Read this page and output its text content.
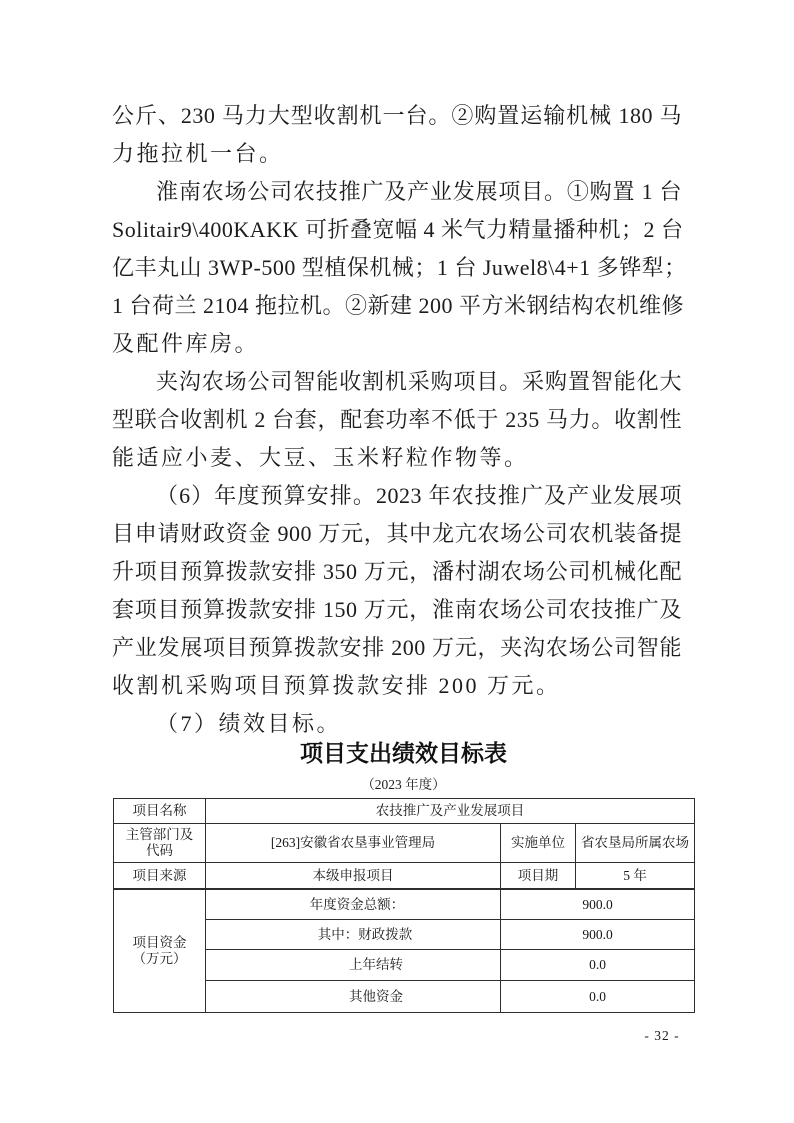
公斤、230 马力大型收割机一台。②购置运输机械 180 马
力拖拉机一台。
淮南农场公司农技推广及产业发展项目。①购置 1 台
Solitair9\400KAKK 可折叠宽幅 4 米气力精量播种机；2 台
亿丰丸山 3WP-500 型植保机械；1 台 Juwel8\4+1 多铧犁；
1 台荷兰 2104 拖拉机。②新建 200 平方米钢结构农机维修
及配件库房。
夹沟农场公司智能收割机采购项目。采购置智能化大
型联合收割机 2 台套，配套功率不低于 235 马力。收割性
能适应小麦、大豆、玉米籽粒作物等。
（6）年度预算安排。2023 年农技推广及产业发展项
目申请财政资金 900 万元，其中龙亢农场公司农机装备提
升项目预算拨款安排 350 万元，潘村湖农场公司机械化配
套项目预算拨款安排 150 万元，淮南农场公司农技推广及
产业发展项目预算拨款安排 200 万元，夹沟农场公司智能
收割机采购项目预算拨款安排 200 万元。
（7）绩效目标。
项目支出绩效目标表
（2023 年度）
项目名称	农技推广及产业发展项目		
主管部门及代码	[263]安徽省农垦事业管理局	实施单位	省农垦局所属农场
项目来源	本级申报项目	项目期	5 年
项目资金（万元）	年度资金总额：	900.0	
	其中：财政拨款	900.0	
	上年结转	0.0	
	其他资金	0.0	
- 32 -
